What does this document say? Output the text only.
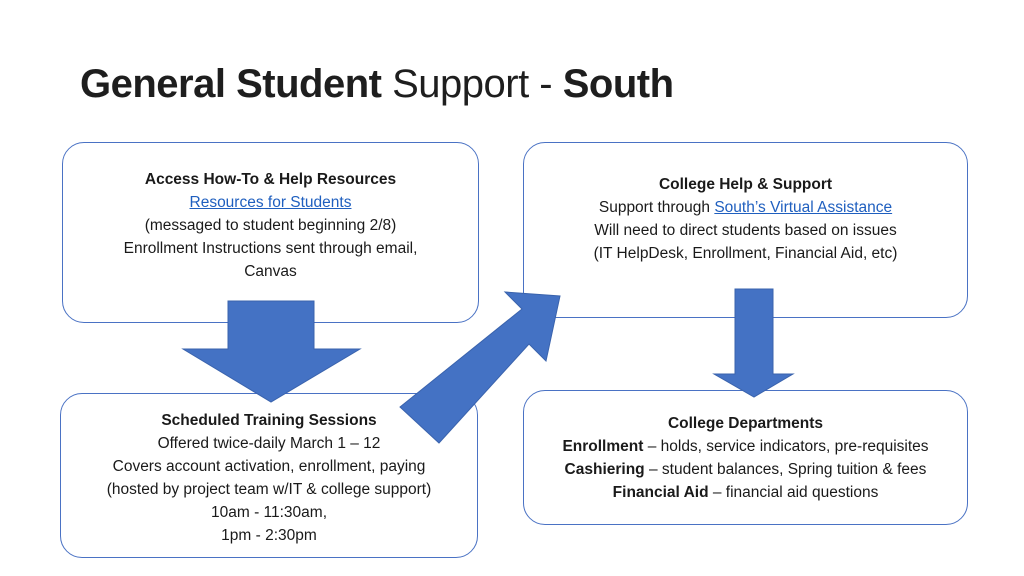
General Student Support - South
Access How-To & Help Resources
Resources for Students
(messaged to student beginning 2/8)
Enrollment Instructions sent through email,
Canvas
College Help & Support
Support through South’s Virtual Assistance
Will need to direct students based on issues
(IT HelpDesk, Enrollment, Financial Aid, etc)
Scheduled Training Sessions
Offered twice-daily March 1 – 12
Covers account activation, enrollment, paying
(hosted by project team w/IT & college support)
10am - 11:30am,
1pm - 2:30pm
College Departments
Enrollment – holds, service indicators, pre-requisites
Cashiering – student balances, Spring tuition & fees
Financial Aid – financial aid questions
